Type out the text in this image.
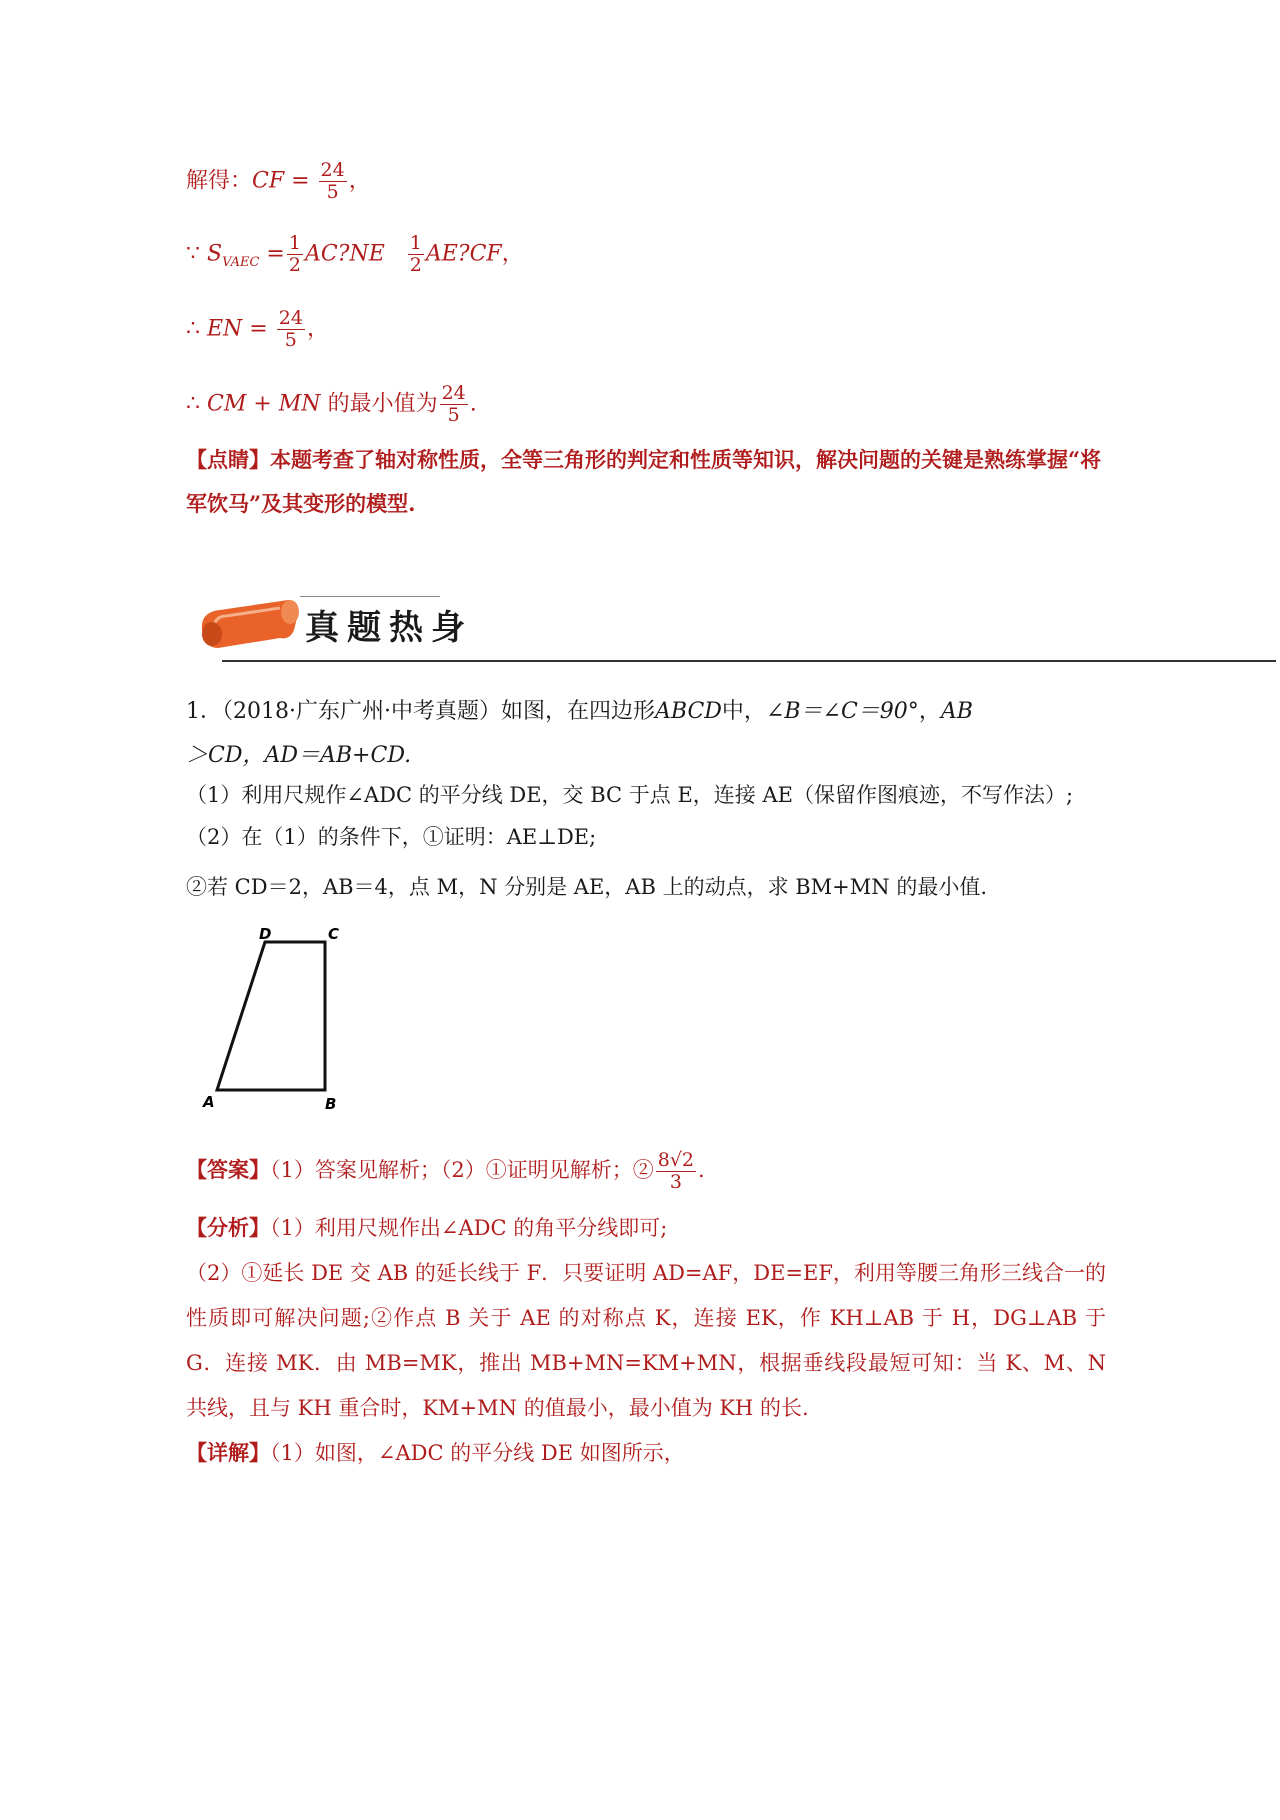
解得：CF = $\frac{24}{5}$ ，
∵ $S_{VAEC} = \frac{1}{2}$ AC?NE $\frac{1}{2}$ AE?CF，
∴ EN = $\frac{24}{5}$ ，
∴ CM + MN 的最小值为 $\frac{24}{5}$ .
【点睛】本题考查了轴对称性质，全等三角形的判定和性质等知识，解决问题的关键是熟练掌握“将军饮马”及其变形的模型.
真题热身
1．（2018·广东广州·中考真题）如图，在四边形ABCD中，∠B＝∠C＝90°，AB
＞CD，AD＝AB+CD.
（1）利用尺规作∠ADC 的平分线 DE，交 BC 于点 E，连接 AE（保留作图痕迹，不写作法）;
（2）在（1）的条件下，①证明：AE⊥DE;
②若 CD＝2，AB＝4，点 M，N 分别是 AE，AB 上的动点，求 BM+MN 的最小值.
D	C
A	B
【答案】（1）答案见解析；（2）①证明见解析；② $\frac{8√2}{3}$ .
【分析】（1）利用尺规作出∠ADC 的角平分线即可;
（2）①延长 DE 交 AB 的延长线于 F．只要证明 AD=AF，DE=EF，利用等腰三角形三线合一的性质即可解决问题;②作点 B 关于 AE 的对称点 K，连接 EK，作 KH⊥AB 于 H，DG⊥AB 于 G．连接 MK．由 MB=MK，推出 MB+MN=KM+MN，根据垂线段最短可知：当 K、M、N 共线，且与 KH 重合时，KM+MN 的值最小，最小值为 KH 的长.
【详解】（1）如图，∠ADC 的平分线 DE 如图所示，
